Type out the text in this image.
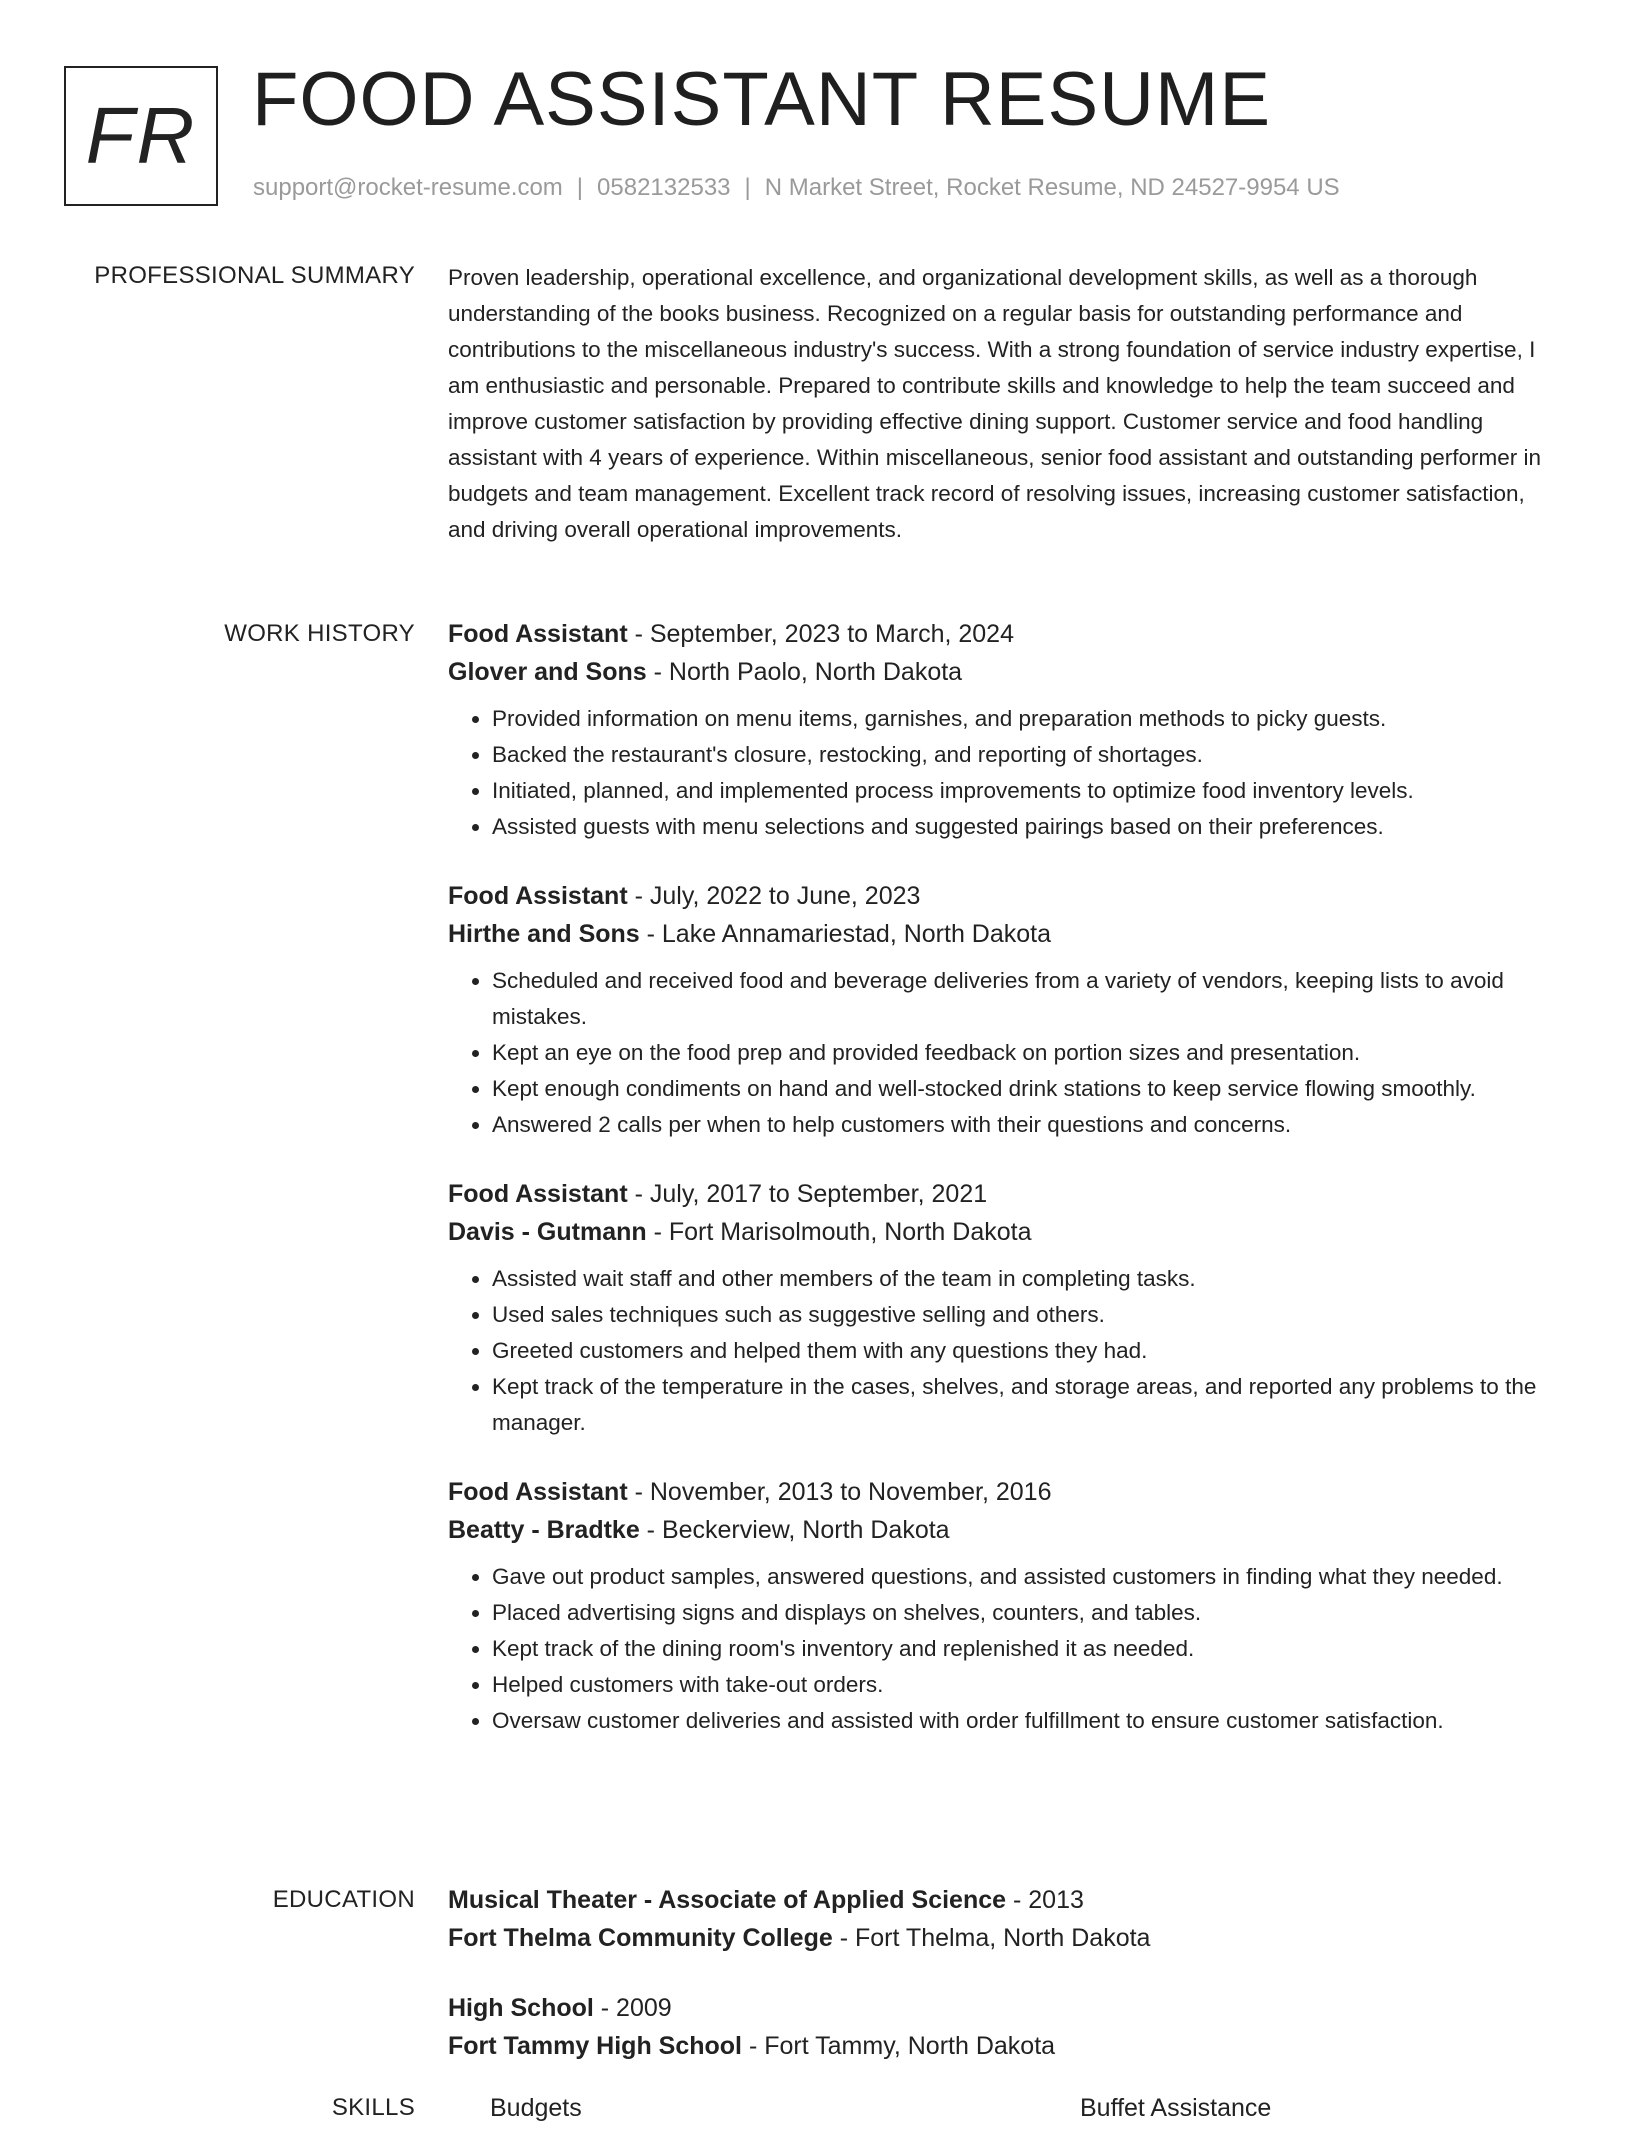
FR FOOD ASSISTANT RESUME
support@rocket-resume.com | 0582132533 | N Market Street, Rocket Resume, ND 24527-9954 US
PROFESSIONAL SUMMARY Proven leadership, operational excellence, and organizational development skills, as well as a thorough understanding of the books business. Recognized on a regular basis for outstanding performance and contributions to the miscellaneous industry's success. With a strong foundation of service industry expertise, I am enthusiastic and personable. Prepared to contribute skills and knowledge to help the team succeed and improve customer satisfaction by providing effective dining support. Customer service and food handling assistant with 4 years of experience. Within miscellaneous, senior food assistant and outstanding performer in budgets and team management. Excellent track record of resolving issues, increasing customer satisfaction, and driving overall operational improvements.

WORK HISTORY Food Assistant - September, 2023 to March, 2024
Glover and Sons - North Paolo, North Dakota
• Provided information on menu items, garnishes, and preparation methods to picky guests.
• Backed the restaurant's closure, restocking, and reporting of shortages.
• Initiated, planned, and implemented process improvements to optimize food inventory levels.
• Assisted guests with menu selections and suggested pairings based on their preferences.
Food Assistant - July, 2022 to June, 2023
Hirthe and Sons - Lake Annamariestad, North Dakota
• Scheduled and received food and beverage deliveries from a variety of vendors, keeping lists to avoid mistakes.
• Kept an eye on the food prep and provided feedback on portion sizes and presentation.
• Kept enough condiments on hand and well-stocked drink stations to keep service flowing smoothly.
• Answered 2 calls per when to help customers with their questions and concerns.
Food Assistant - July, 2017 to September, 2021
Davis - Gutmann - Fort Marisolmouth, North Dakota
• Assisted wait staff and other members of the team in completing tasks.
• Used sales techniques such as suggestive selling and others.
• Greeted customers and helped them with any questions they had.
• Kept track of the temperature in the cases, shelves, and storage areas, and reported any problems to the manager.
Food Assistant - November, 2013 to November, 2016
Beatty - Bradtke - Beckerview, North Dakota
• Gave out product samples, answered questions, and assisted customers in finding what they needed.
• Placed advertising signs and displays on shelves, counters, and tables.
• Kept track of the dining room's inventory and replenished it as needed.
• Helped customers with take-out orders.
• Oversaw customer deliveries and assisted with order fulfillment to ensure customer satisfaction.
EDUCATION Musical Theater - Associate of Applied Science - 2013
Fort Thelma Community College - Fort Thelma, North Dakota
High School - 2009
Fort Tammy High School - Fort Tammy, North Dakota
SKILLS	Budgets	Buffet Assistance
